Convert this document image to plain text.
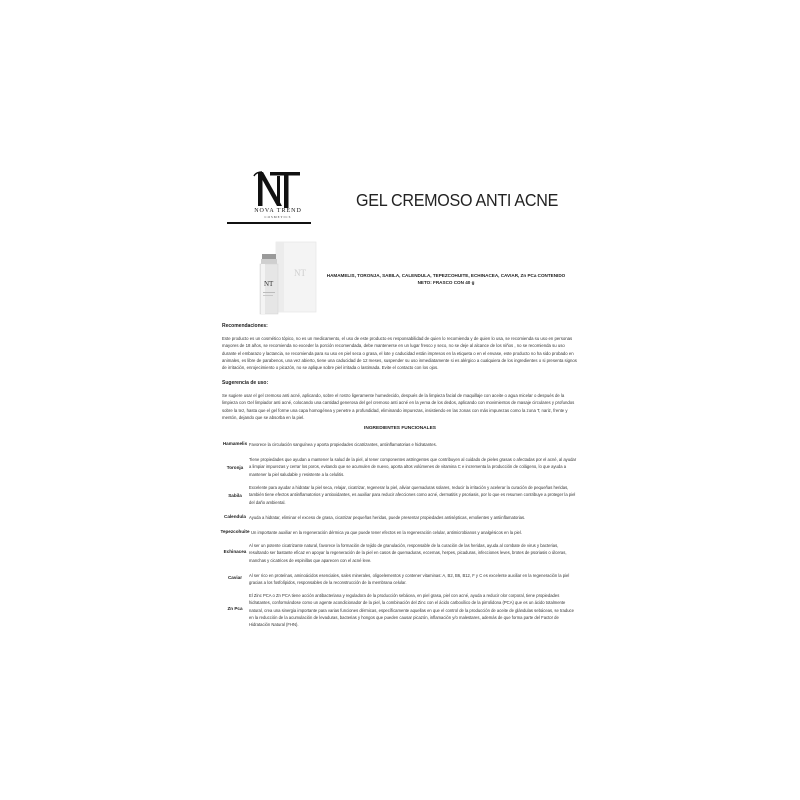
NOVA TREND
COSMETICS
GEL CREMOSO ANTI ACNE
NT
NT
HAMAMELIS, TORONJA, SABILA, CALENDULA, TEPEZCOHUITE, ECHINACEA, CAVIAR, Zn PCa CONTENIDO NETO: FRASCO CON 40 g
Recomendaciones:
Este producto es un cosmético tópico, no es un medicamento, el uso de este producto es responsabilidad de quien lo recomienda y de quien lo usa, se recomienda su uso en personas mayores de 18 años, se recomienda no exceder la porción recomendada, debe mantenerse en un lugar fresco y seco, no se deje al alcance de los niños , no se recomienda su uso durante el embarazo y lactancia, se recomienda para su uso en piel seca o grasa, el lote y caducidad están impresos en la etiqueta o en el envase, este producto no ha sido probado en animales, es libre de parabenos, una vez abierto, tiene una caducidad de 12 meses, suspender su uso inmediatamente si es alérgico a cualquiera de los ingredientes o si presenta signos de irritación, enrojecimiento o picazón, no se aplique sobre piel irritada o lastimada. Evite el contacto con los ojos.
Sugerencia de uso:
Se sugiere usar el gel cremoso anti acné, aplicando, sobre el rostro ligeramente humedecido, después de la limpieza facial de maquillaje con aceite o agua micelar o después de la limpieza con Gel limpiador anti acné, colocando una cantidad generosa del gel cremoso anti acné en la yema de los dedos, aplicando con movimientos de masaje circulares y profundos sobre la tez, hasta que el gel forme una capa homogénea y penetre a profundidad, eliminando impurezas, insistiendo en las zonas con más impurezas como la zona T, nariz, frente y mentón, dejando que se absorba en la piel.
INGREDIENTES FUNCIONALES
Hamamelis Favorece la circulación sanguínea y aporta propiedades cicatrizantes, antiinflamatorias e hidratantes.
Toronja
Tiene propiedades que ayudan a mantener la salud de la piel, al tener componentes astringentes que contribuyen al cuidado de pieles grasas o afectadas por el acné, al ayudar a limpiar impurezas y cerrar los poros, evitando que se acumulen de nuevo, aporta altos volúmenes de vitamina C e incrementa la producción de colágeno, lo que ayuda a mantener la piel saludable y resistente a la celulitis.
Sabila
Excelente para ayudar a hidratar la piel seca, relajar, cicatrizar, regenerar la piel, aliviar quemaduras solares, reducir la irritación y acelerar la curación de pequeñas heridas, también tiene efectos antiinflamatorios y antioxidantes, es auxiliar para reducir afecciones como acné, dermatitis y psoriasis, por lo que es resumen contribuye a proteger la piel del daño ambiental.
Calendula Ayuda a hidratar, eliminar el exceso de grasa, cicatrizar pequeñas heridas, puede presentar propiedades antisépticas, emolientes y antiinflamatorias.
Tepezcohuite Un importante auxiliar en la regeneración dérmica ya que puede tener efectos en la regeneración celular, antimicrobianos y analgésicos en la piel.
Echinacea
Al ser un potente cicatrizante natural, favorece la formación de tejido de granulación, responsable de la curación de las heridas, ayuda al combate de virus y bacterias, resultando ser bastante eficaz en apoyar la regeneración de la piel en casos de quemaduras, eccemas, herpes, picaduras, infecciones leves, brotes de psoriasis o úlceras, manchas y cicatrices de espinillas que aparecen con el acné leve.
Caviar	Al ser rico en proteínas, aminoácidos esenciales, sales minerales, oligoelementos y contener vitaminas: A, B2, B6, B12, F y C es excelente auxiliar en la regeneración la piel gracias a los fosfolípidos, responsables de la reconstrucción de la membrana celular.
Zn Pca
El Zinc PCA o Zn PCA tiene acción antibacteriana y reguladora de la producción sebácea, en piel grasa, piel con acné, ayuda a reducir olor corporal, tiene propiedades hidratantes, conformándose como un agente acondicionador de la piel, la combinación del Zinc con el ácido carboxílico de la pirrolidona (PCA) que es un ácido totalmente natural, crea una sinergia importante para varias funciones dérmicas, específicamente aquellas en que el control de la producción de aceite de glándulas sebáceas, se traduce en la reducción de la acumulación de levaduras, bacterias y hongos que pueden causar picazón, inflamación y/o malestares, además de que forma parte del Factor de Hidratación Natural (FHN).
